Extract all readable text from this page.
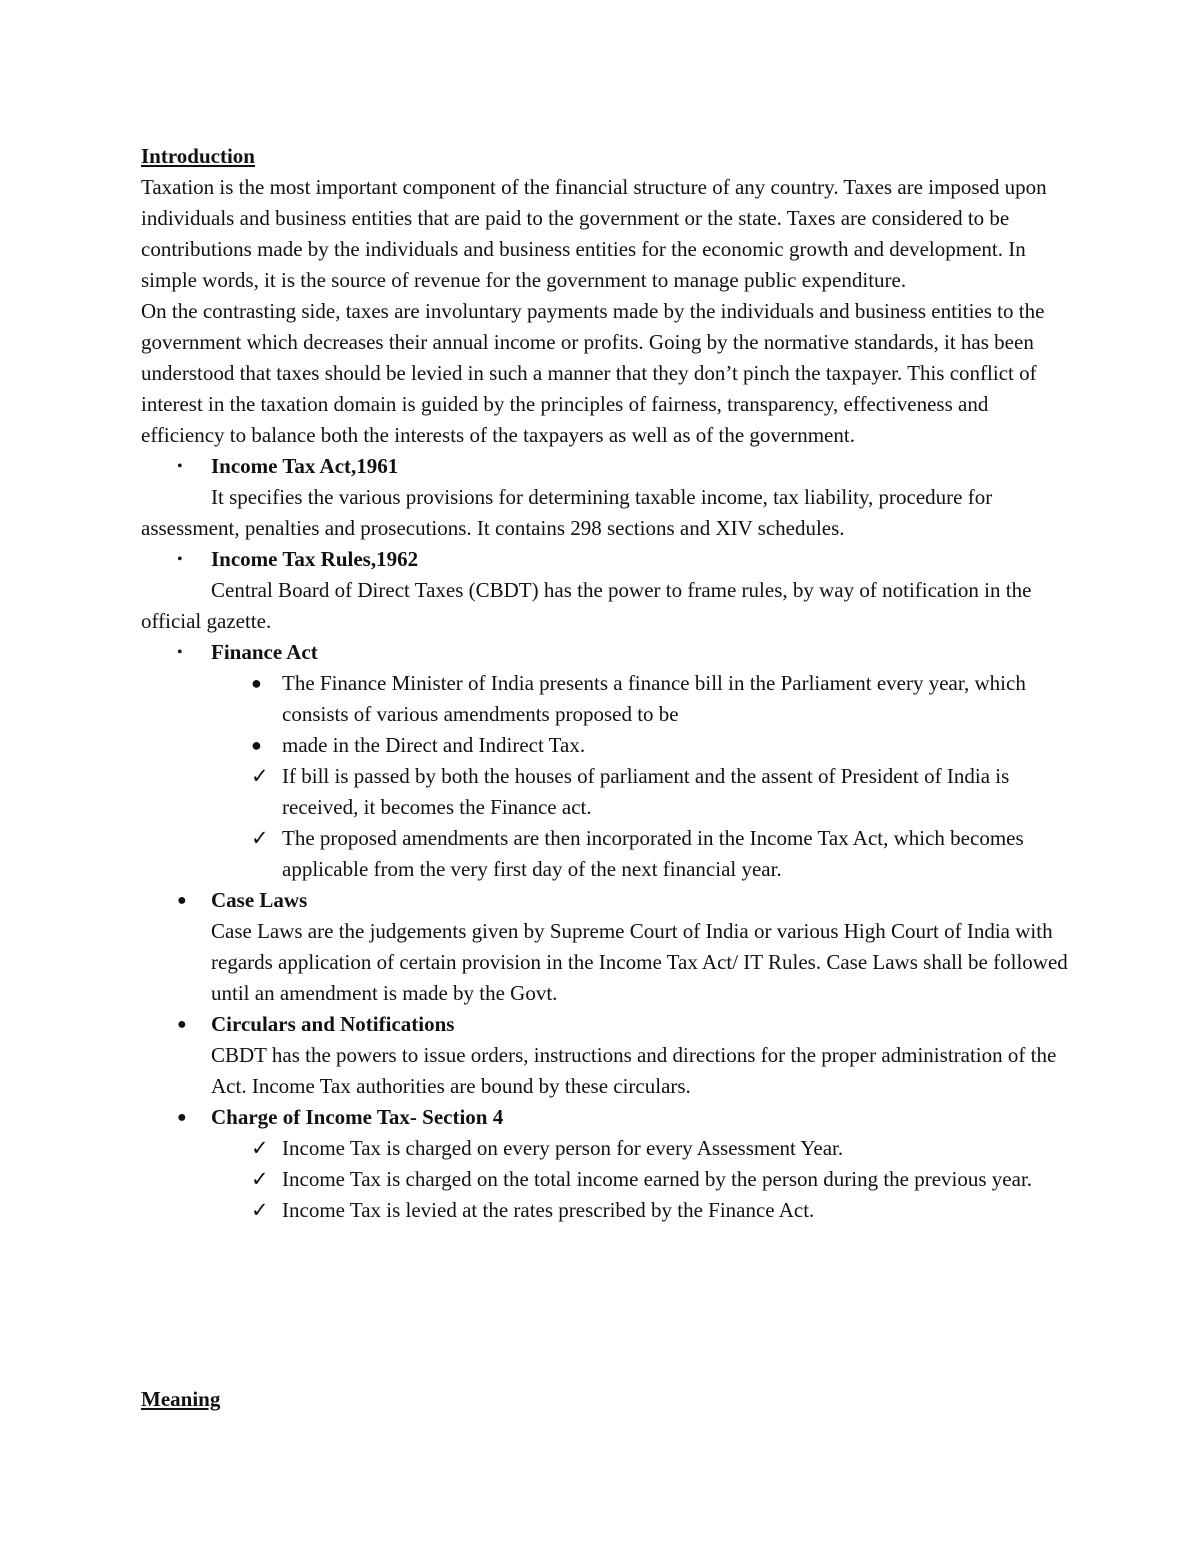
Introduction
Taxation is the most important component of the financial structure of any country. Taxes are imposed upon individuals and business entities that are paid to the government or the state. Taxes are considered to be contributions made by the individuals and business entities for the economic growth and development. In simple words, it is the source of revenue for the government to manage public expenditure.
On the contrasting side, taxes are involuntary payments made by the individuals and business entities to the government which decreases their annual income or profits. Going by the normative standards, it has been understood that taxes should be levied in such a manner that they don’t pinch the taxpayer. This conflict of interest in the taxation domain is guided by the principles of fairness, transparency, effectiveness and efficiency to balance both the interests of the taxpayers as well as of the government.
• Income Tax Act,1961
It specifies the various provisions for determining taxable income, tax liability, procedure for assessment, penalties and prosecutions. It contains 298 sections and XIV schedules.
• Income Tax Rules,1962
Central Board of Direct Taxes (CBDT) has the power to frame rules, by way of notification in the official gazette.
• Finance Act
● The Finance Minister of India presents a finance bill in the Parliament every year, which consists of various amendments proposed to be
● made in the Direct and Indirect Tax.
✓ If bill is passed by both the houses of parliament and the assent of President of India is received, it becomes the Finance act.
✓ The proposed amendments are then incorporated in the Income Tax Act, which becomes applicable from the very first day of the next financial year.
● Case Laws
Case Laws are the judgements given by Supreme Court of India or various High Court of India with regards application of certain provision in the Income Tax Act/ IT Rules. Case Laws shall be followed until an amendment is made by the Govt.
● Circulars and Notifications
CBDT has the powers to issue orders, instructions and directions for the proper administration of the Act. Income Tax authorities are bound by these circulars.
● Charge of Income Tax- Section 4
✓ Income Tax is charged on every person for every Assessment Year.
✓ Income Tax is charged on the total income earned by the person during the previous year.
✓ Income Tax is levied at the rates prescribed by the Finance Act.
Meaning
